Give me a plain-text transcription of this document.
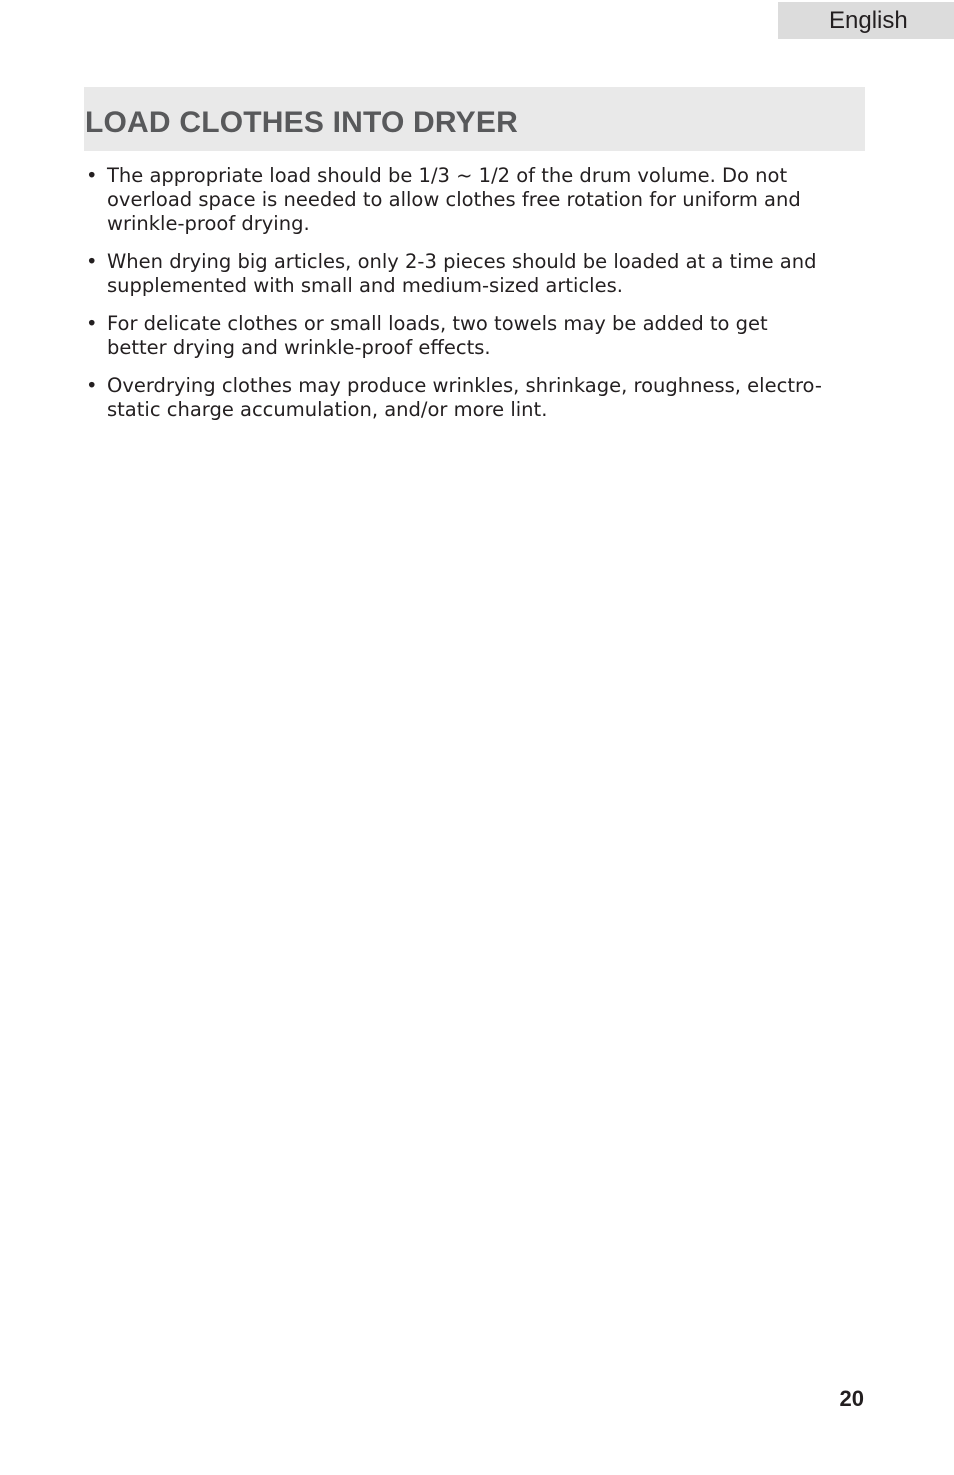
English
LOAD CLOTHES INTO DRYER
• The appropriate load should be 1/3 ~ 1/2 of the drum volume. Do not overload space is needed to allow clothes free rotation for uniform and wrinkle-proof drying.
• When drying big articles, only 2-3 pieces should be loaded at a time and supplemented with small and medium-sized articles.
• For delicate clothes or small loads, two towels may be added to get better drying and wrinkle-proof effects.
• Overdrying clothes may produce wrinkles, shrinkage, roughness, electro-static charge accumulation, and/or more lint.
20
